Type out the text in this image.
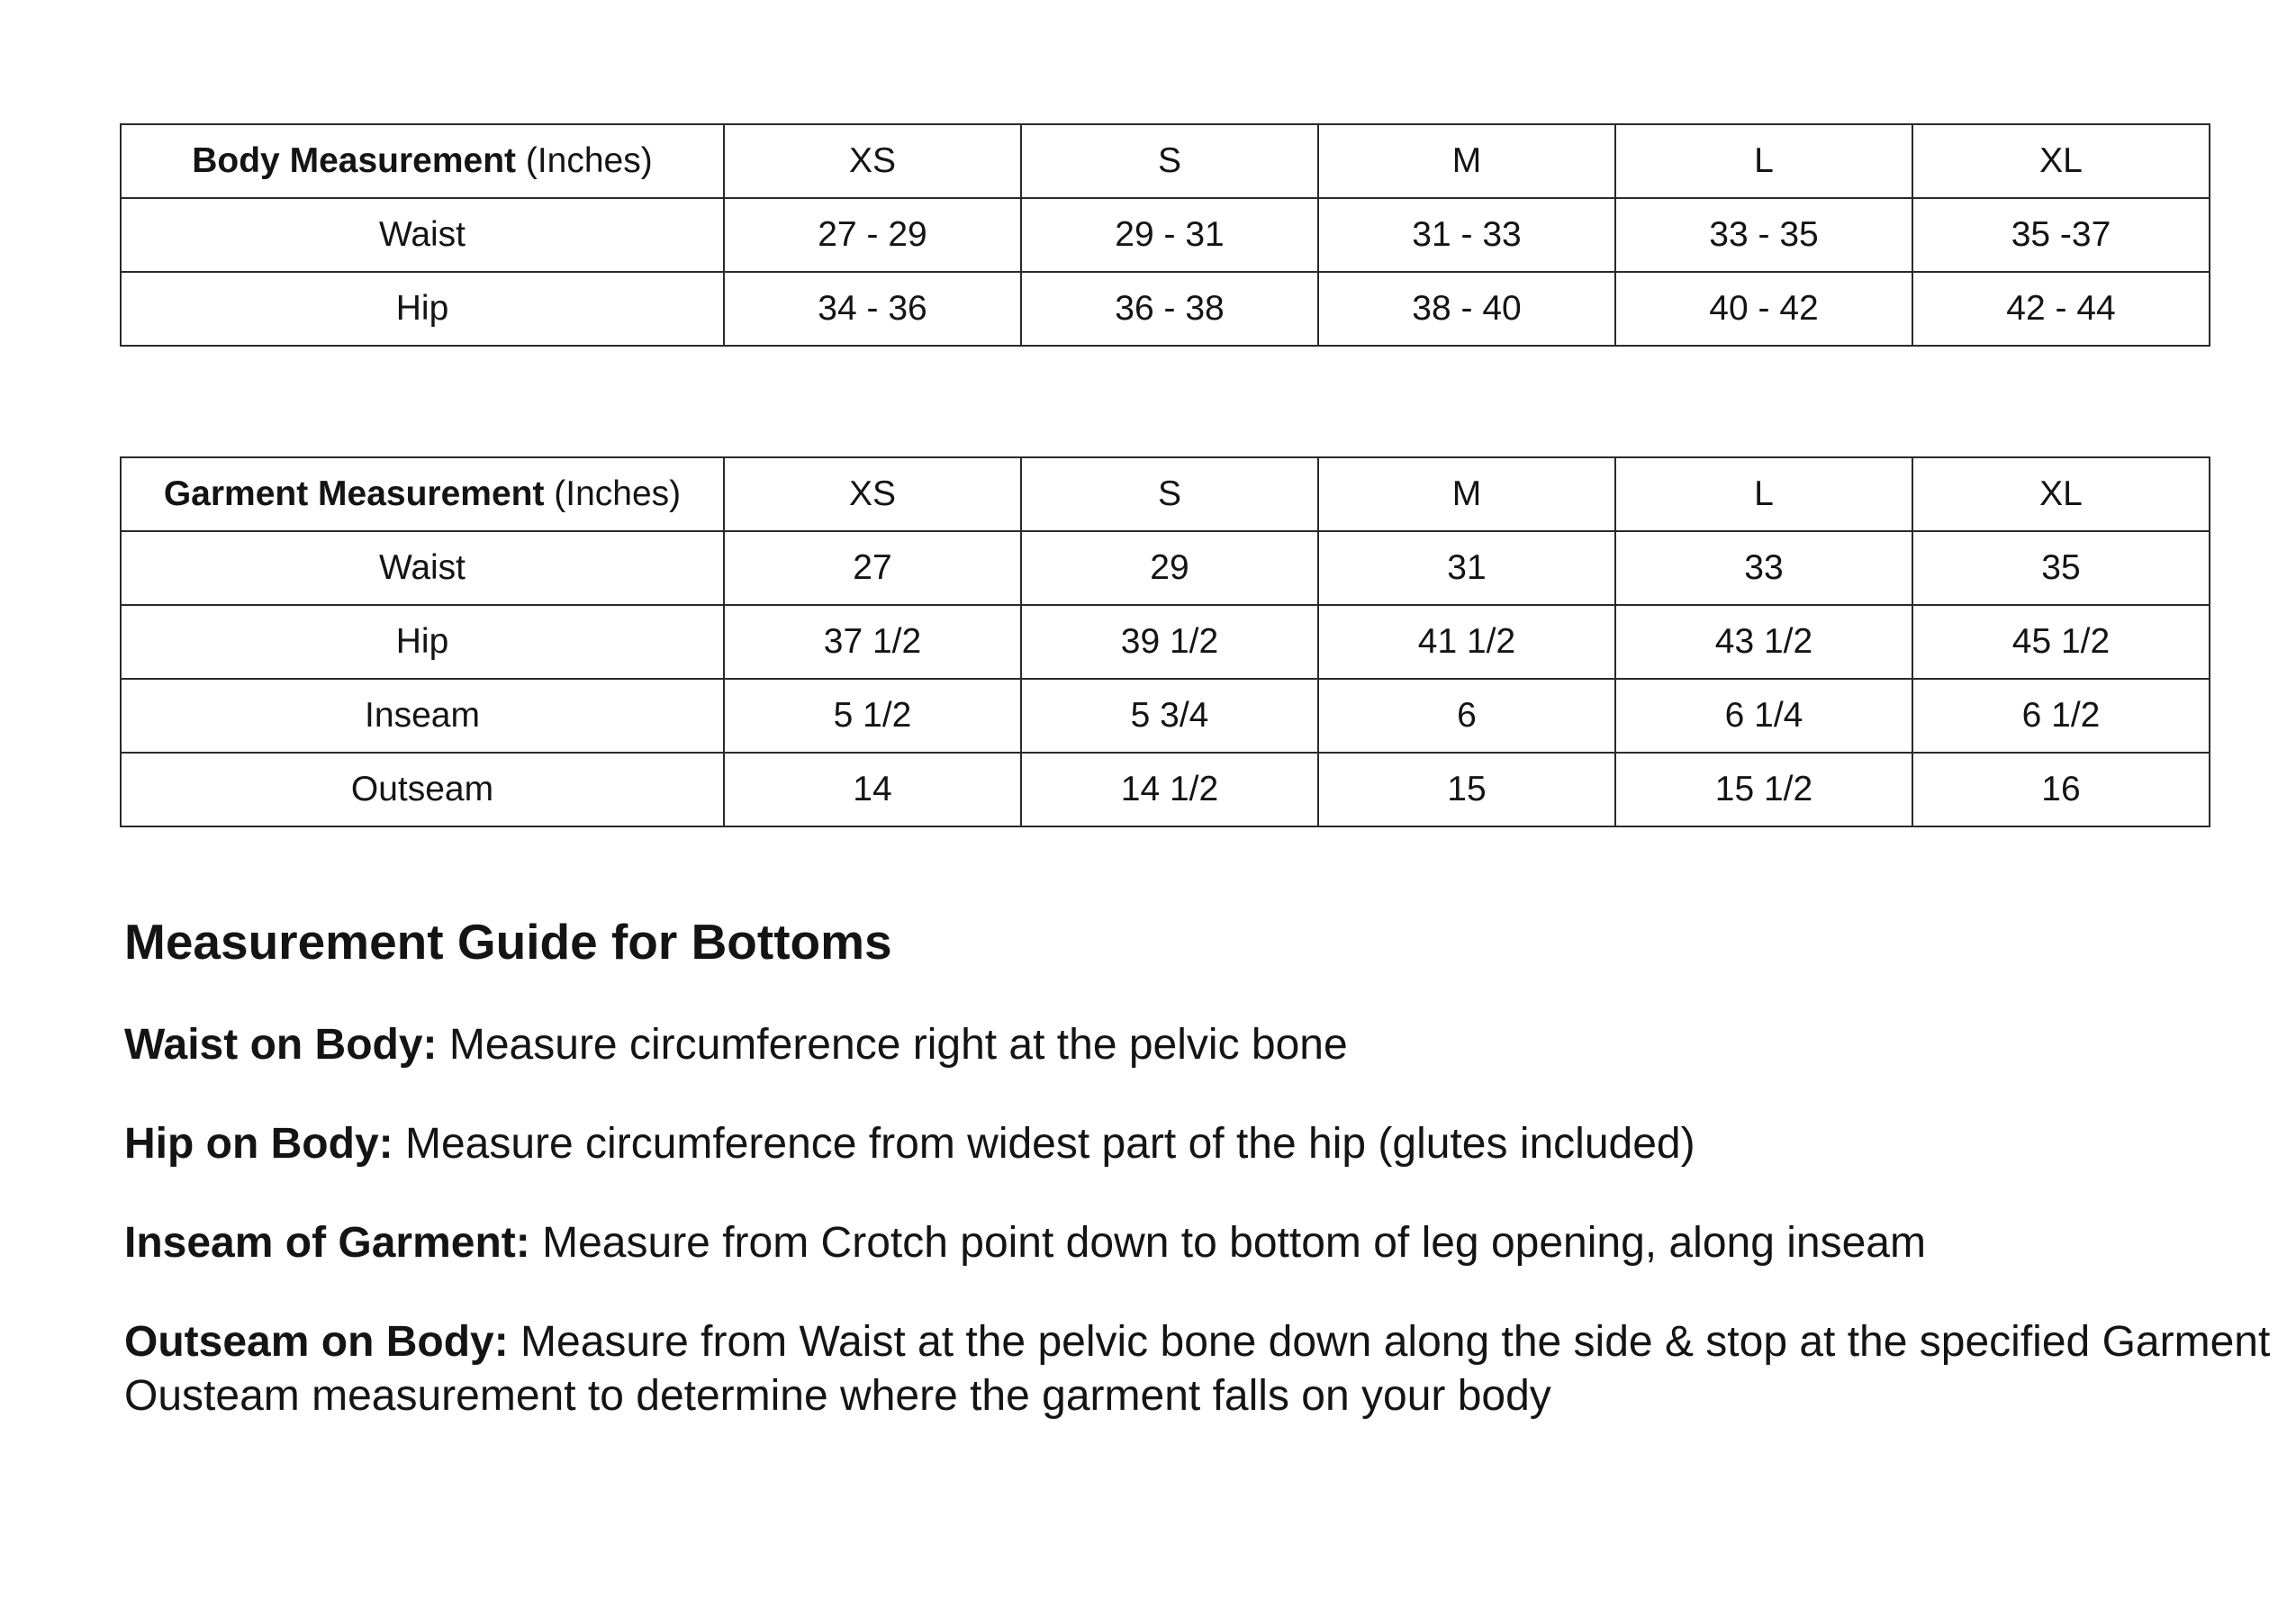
Body Measurement (Inches)	XS	S	M	L	XL
Waist	27 - 29	29 - 31	31 - 33	33 - 35	35 -37
Hip	34 - 36	36 - 38	38 - 40	40 - 42	42 - 44
Garment Measurement (Inches)	XS	S	M	L	XL
Waist	27	29	31	33	35
Hip	37 1/2	39 1/2	41 1/2	43 1/2	45 1/2
Inseam	5 1/2	5 3/4	6	6 1/4	6 1/2
Outseam	14	14 1/2	15	15 1/2	16
Measurement Guide for Bottoms

Waist on Body: Measure circumference right at the pelvic bone

Hip on Body: Measure circumference from widest part of the hip (glutes included)

Inseam of Garment: Measure from Crotch point down to bottom of leg opening, along inseam

Outseam on Body: Measure from Waist at the pelvic bone down along the side & stop at the specified Garment Ousteam measurement to determine where the garment falls on your body
